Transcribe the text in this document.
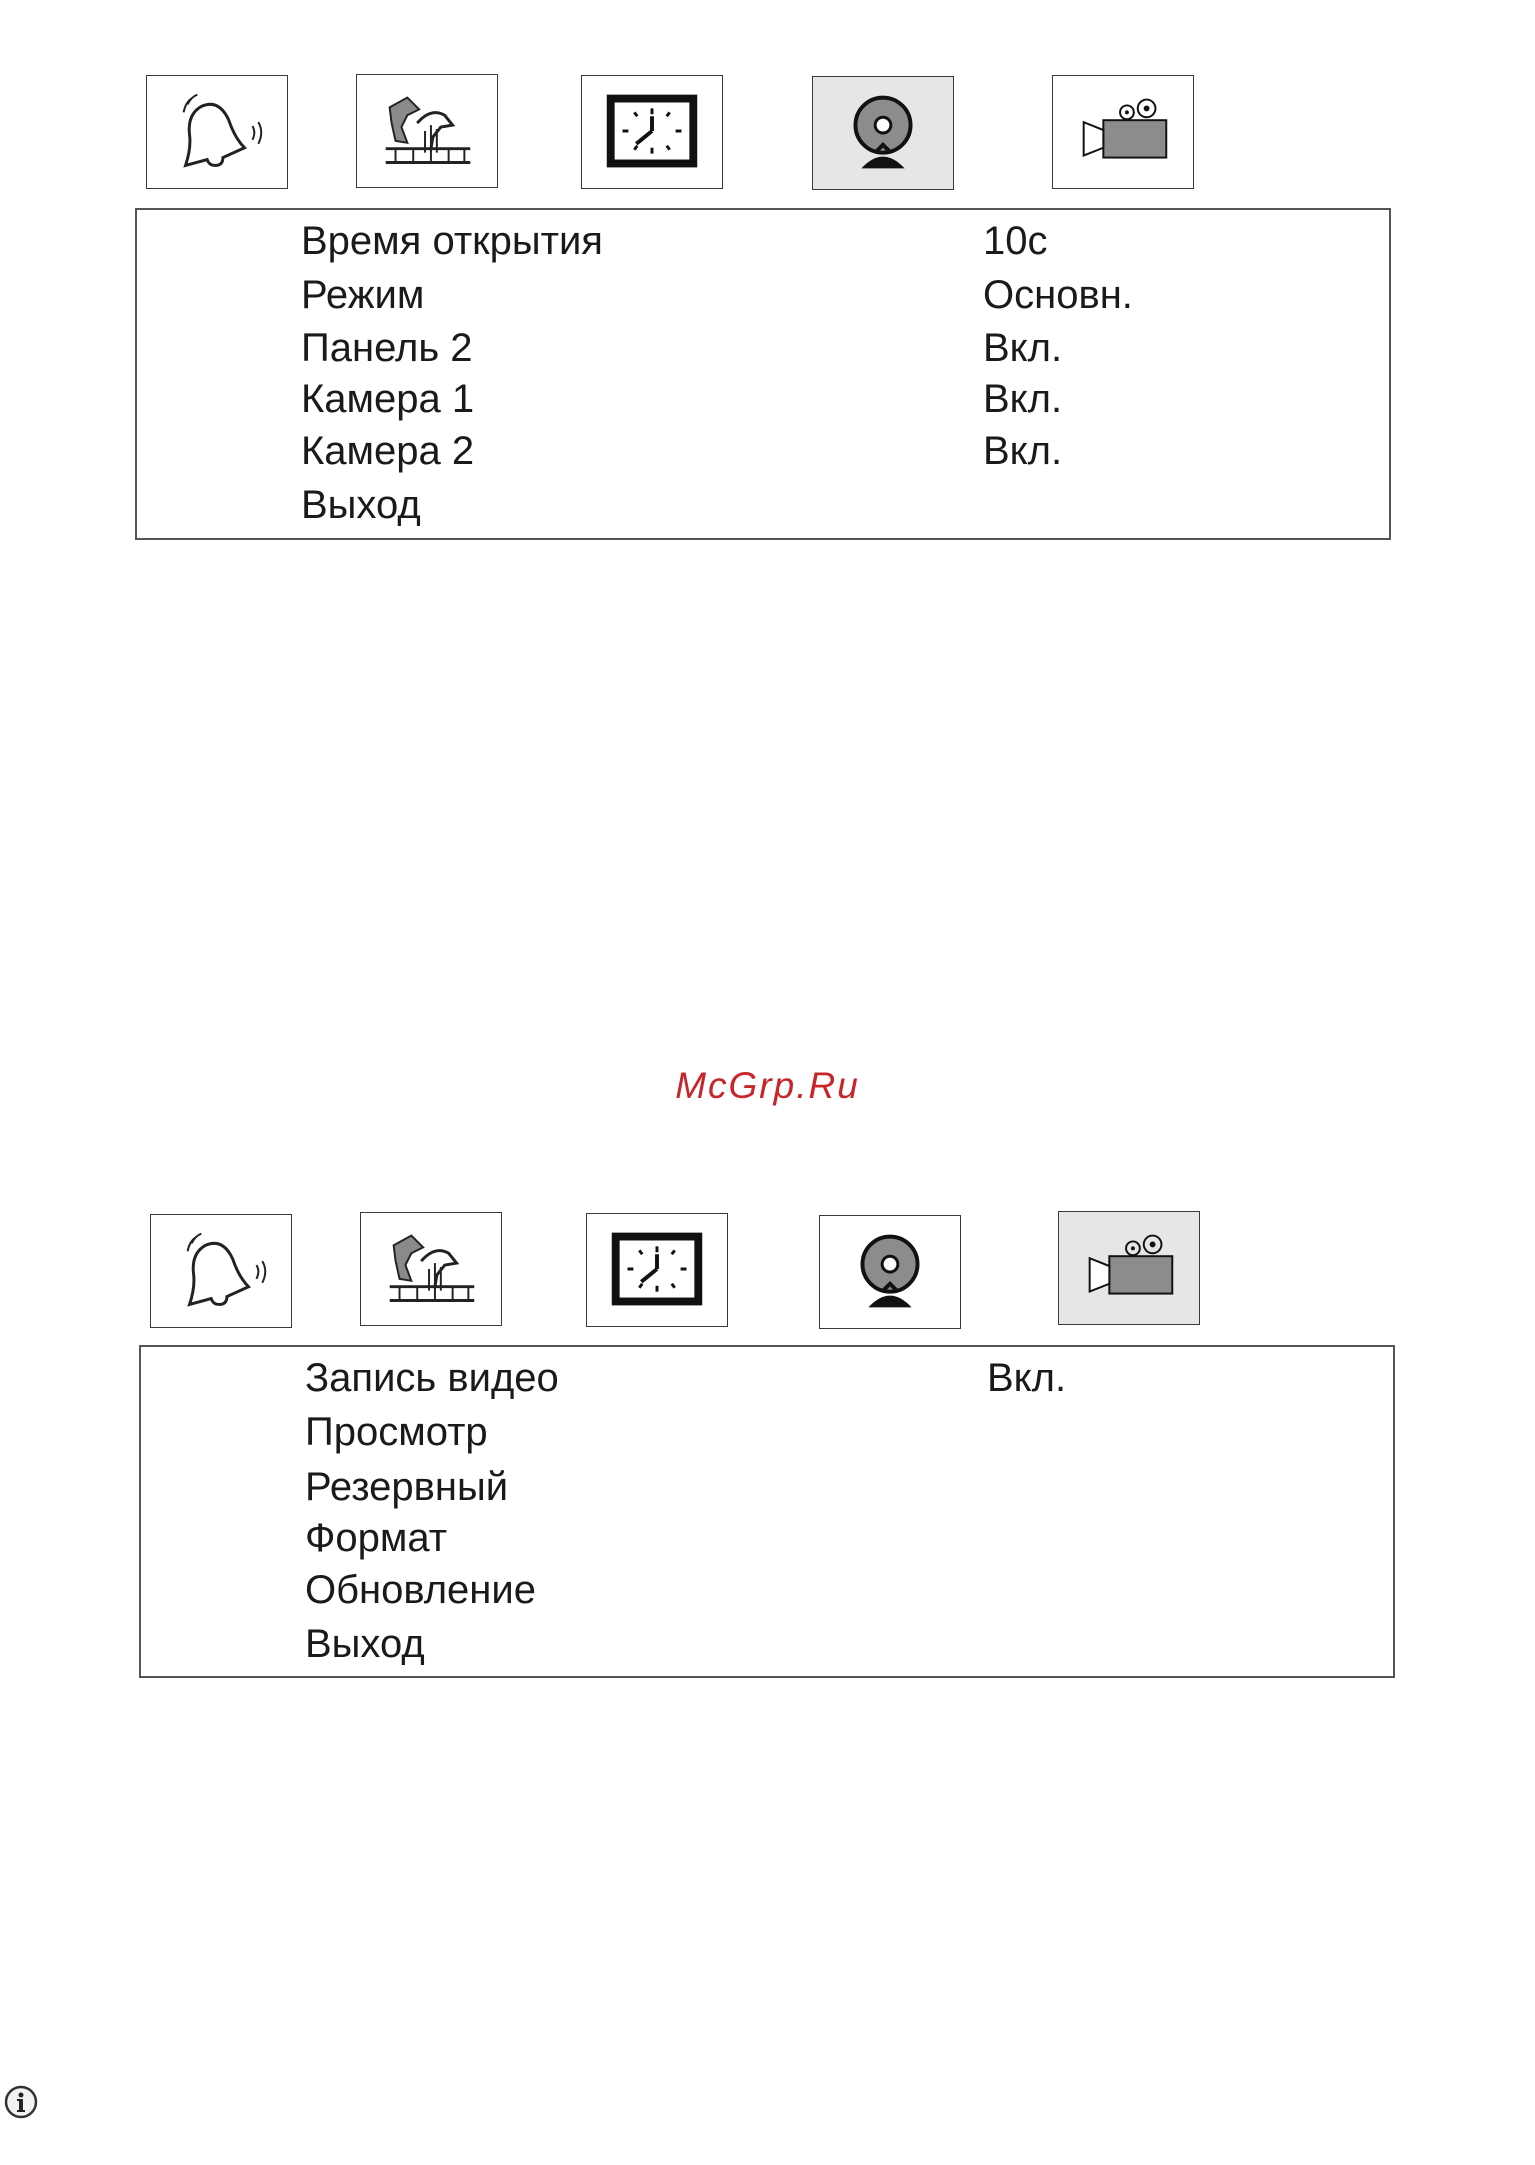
Время открытия	10с
Режим	Основн.
Панель 2	Вкл.
Камера 1	Вкл.
Камера 2	Вкл.
Выход
McGrp.Ru
Запись видео	Вкл.
Просмотр
Резервный
Формат
Обновление
Выход
